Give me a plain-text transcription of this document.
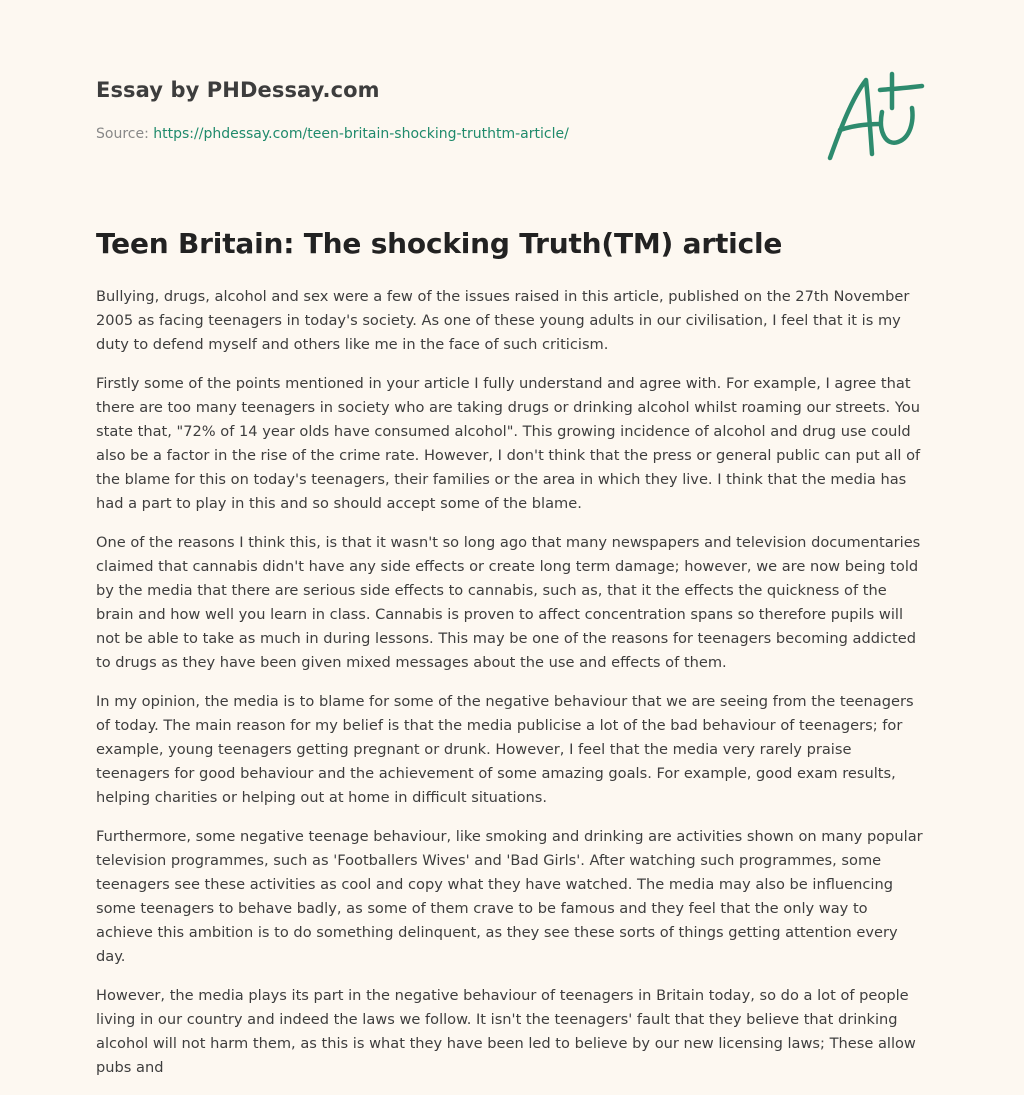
Essay by PHDessay.com

Source: https://phdessay.com/teen-britain-shocking-truthtm-article/
Teen Britain: The shocking Truth(TM) article

Bullying, drugs, alcohol and sex were a few of the issues raised in this article, published on the 27th November 2005 as facing teenagers in today's society. As one of these young adults in our civilisation, I feel that it is my duty to defend myself and others like me in the face of such criticism.

Firstly some of the points mentioned in your article I fully understand and agree with. For example, I agree that there are too many teenagers in society who are taking drugs or drinking alcohol whilst roaming our streets. You state that, "72% of 14 year olds have consumed alcohol". This growing incidence of alcohol and drug use could also be a factor in the rise of the crime rate. However, I don't think that the press or general public can put all of the blame for this on today's teenagers, their families or the area in which they live. I think that the media has had a part to play in this and so should accept some of the blame.

One of the reasons I think this, is that it wasn't so long ago that many newspapers and television documentaries claimed that cannabis didn't have any side effects or create long term damage; however, we are now being told by the media that there are serious side effects to cannabis, such as, that it the effects the quickness of the brain and how well you learn in class. Cannabis is proven to affect concentration spans so therefore pupils will not be able to take as much in during lessons. This may be one of the reasons for teenagers becoming addicted to drugs as they have been given mixed messages about the use and effects of them.

In my opinion, the media is to blame for some of the negative behaviour that we are seeing from the teenagers of today. The main reason for my belief is that the media publicise a lot of the bad behaviour of teenagers; for example, young teenagers getting pregnant or drunk. However, I feel that the media very rarely praise teenagers for good behaviour and the achievement of some amazing goals. For example, good exam results, helping charities or helping out at home in difficult situations.

Furthermore, some negative teenage behaviour, like smoking and drinking are activities shown on many popular television programmes, such as 'Footballers Wives' and 'Bad Girls'. After watching such programmes, some teenagers see these activities as cool and copy what they have watched. The media may also be influencing some teenagers to behave badly, as some of them crave to be famous and they feel that the only way to achieve this ambition is to do something delinquent, as they see these sorts of things getting attention every day.

However, the media plays its part in the negative behaviour of teenagers in Britain today, so do a lot of people living in our country and indeed the laws we follow. It isn't the teenagers' fault that they believe that drinking alcohol will not harm them, as this is what they have been led to believe by our new licensing laws; These allow pubs and
